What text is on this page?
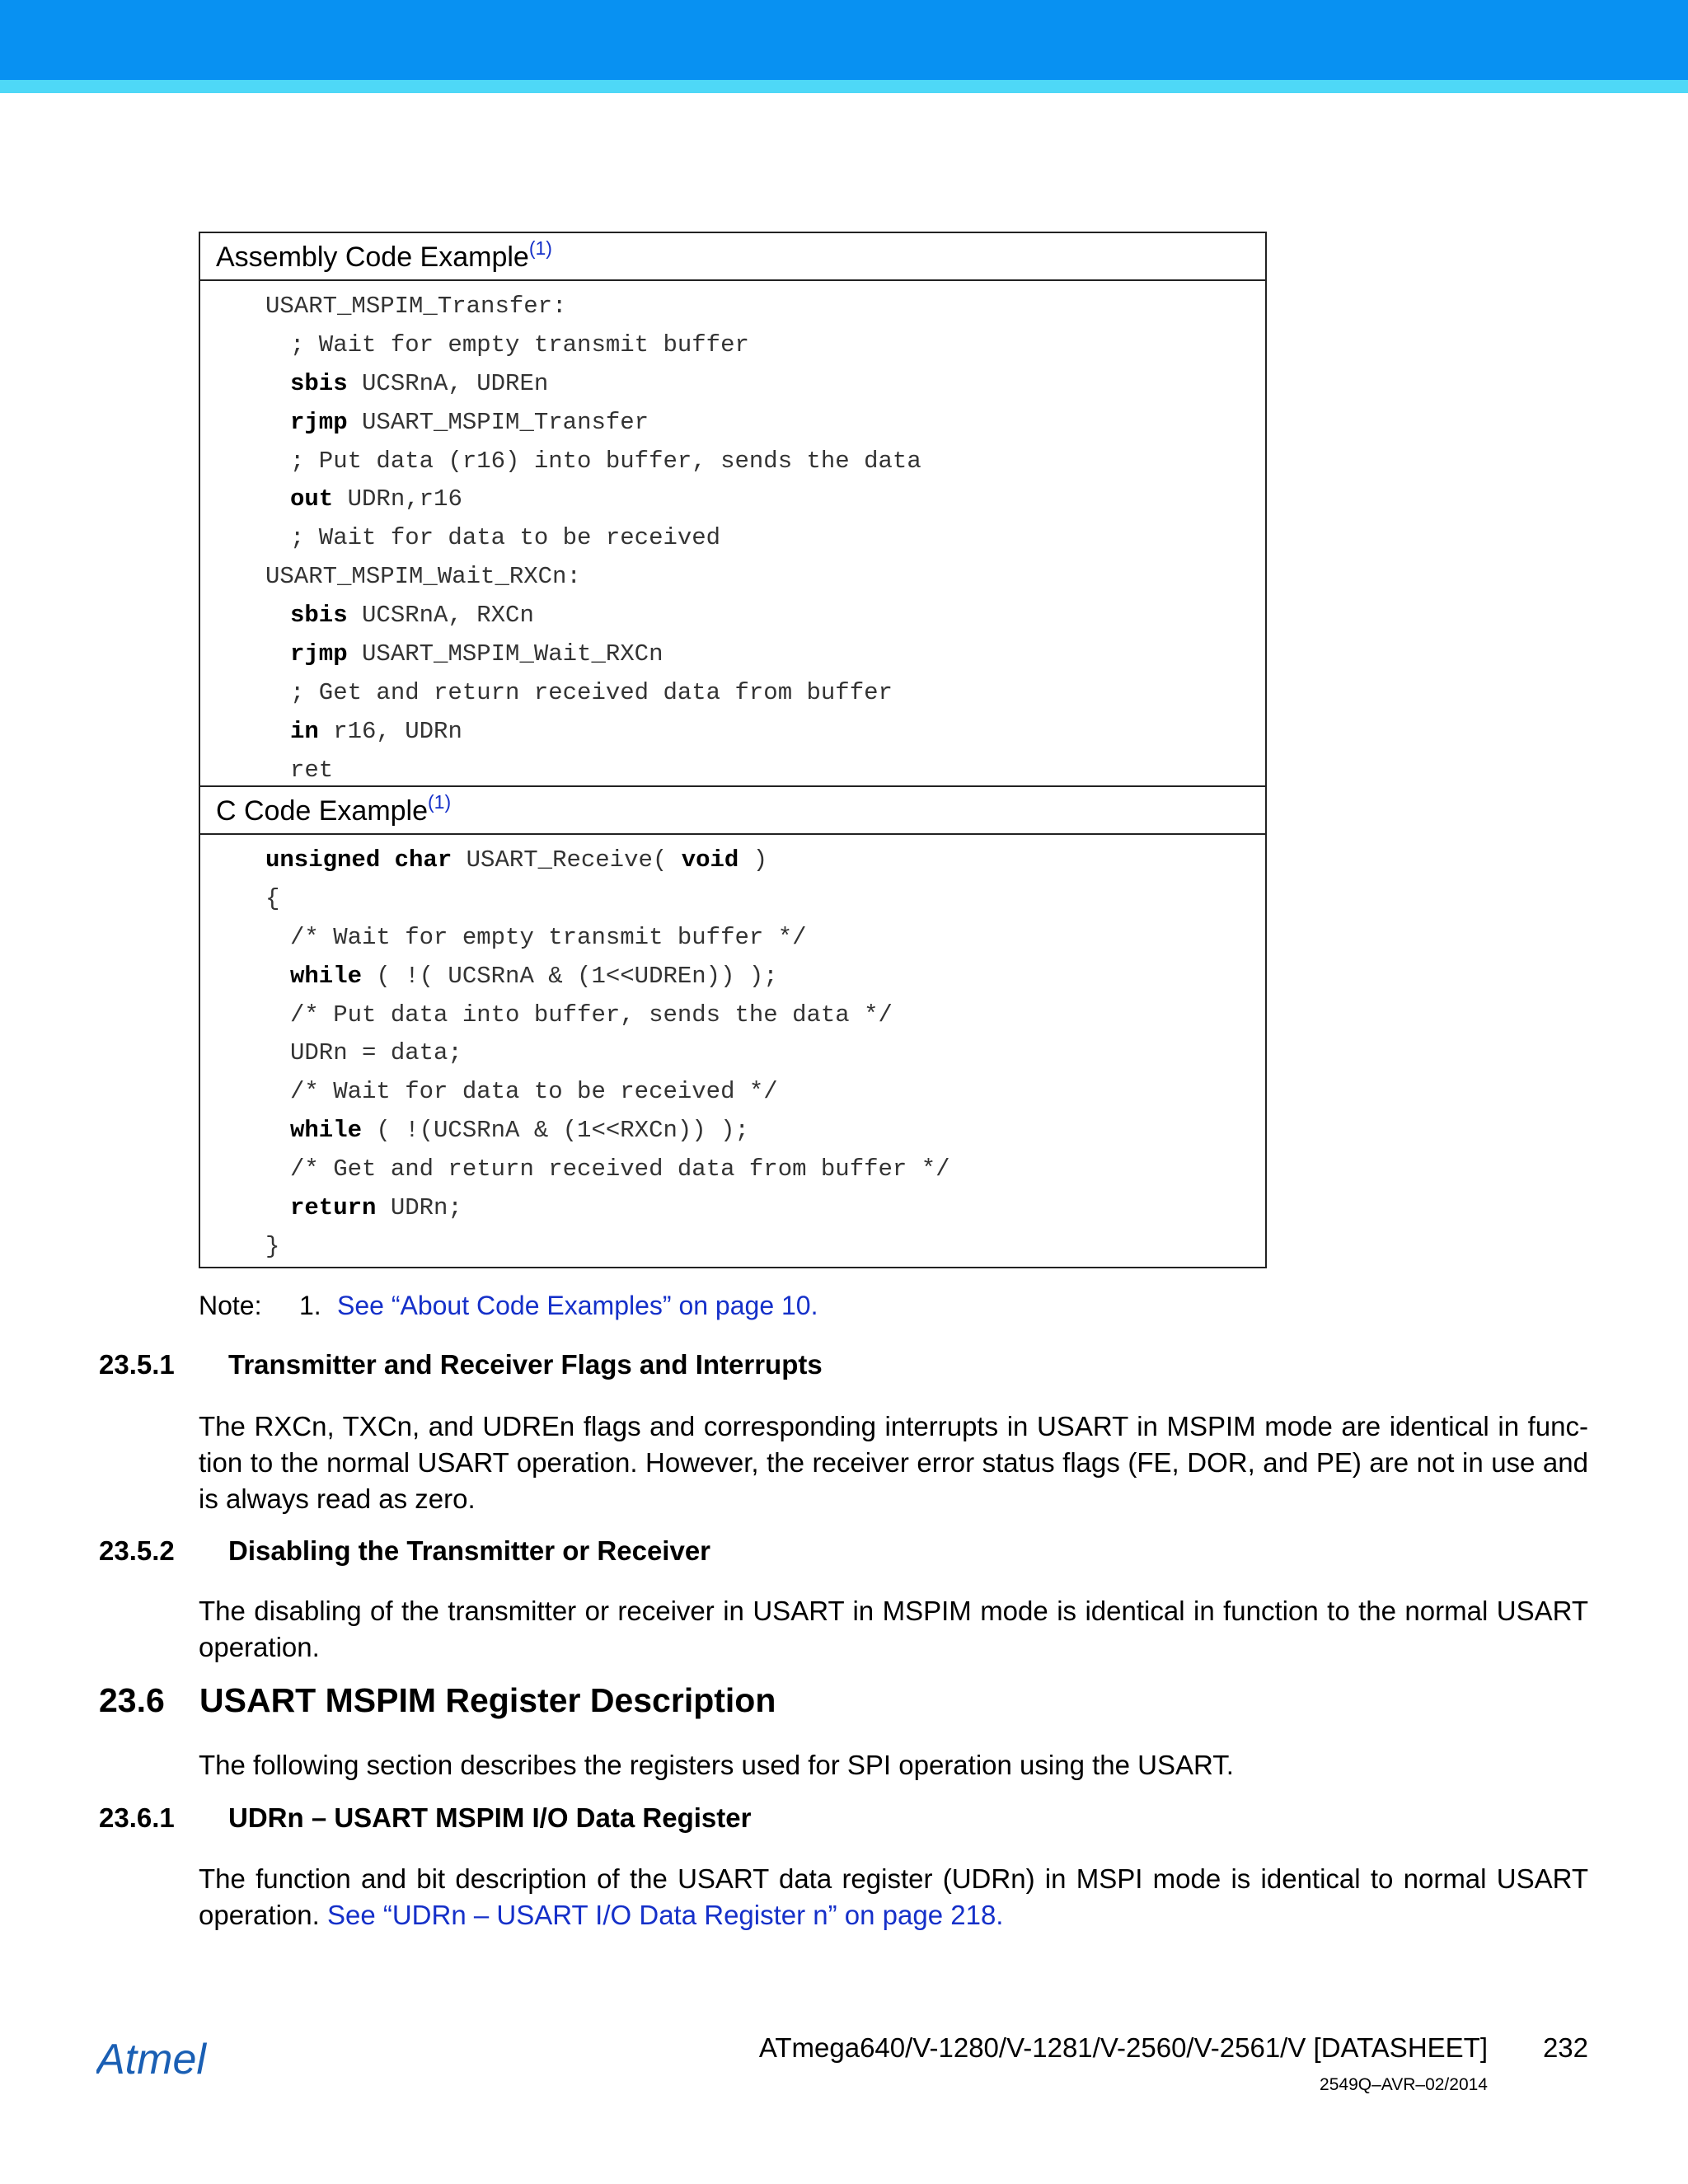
Assembly Code Example$^{(1)}$
USART_MSPIM_Transfer:
; Wait for empty transmit buffer
sbis UCSRnA, UDREn
rjmp USART_MSPIM_Transfer
; Put data (r16) into buffer, sends the data
out UDRn,r16
; Wait for data to be received
USART_MSPIM_Wait_RXCn:
sbis UCSRnA, RXCn
rjmp USART_MSPIM_Wait_RXCn
; Get and return received data from buffer
in r16, UDRn
ret
C Code Example$^{(1)}$
unsigned char USART_Receive( void )
{
/* Wait for empty transmit buffer */
while ( !( UCSRnA & (1<<UDREn)) );
/* Put data into buffer, sends the data */
UDRn = data;
/* Wait for data to be received */
while ( !(UCSRnA & (1<<RXCn)) );
/* Get and return received data from buffer */
return UDRn;
}
Note: 1. See “About Code Examples” on page 10.
23.5.1 Transmitter and Receiver Flags and Interrupts
The RXCn, TXCn, and UDREn flags and corresponding interrupts in USART in MSPIM mode are identical in func-tion to the normal USART operation. However, the receiver error status flags (FE, DOR, and PE) are not in use and is always read as zero.
23.5.2 Disabling the Transmitter or Receiver
The disabling of the transmitter or receiver in USART in MSPIM mode is identical in function to the normal USART operation.
23.6 USART MSPIM Register Description
The following section describes the registers used for SPI operation using the USART.
23.6.1 UDRn – USART MSPIM I/O Data Register
The function and bit description of the USART data register (UDRn) in MSPI mode is identical to normal USART operation. See “UDRn – USART I/O Data Register n” on page 218.
Atmel	ATmega640/V-1280/V-1281/V-2560/V-2561/V [DATASHEET] 232
2549Q–AVR–02/2014
